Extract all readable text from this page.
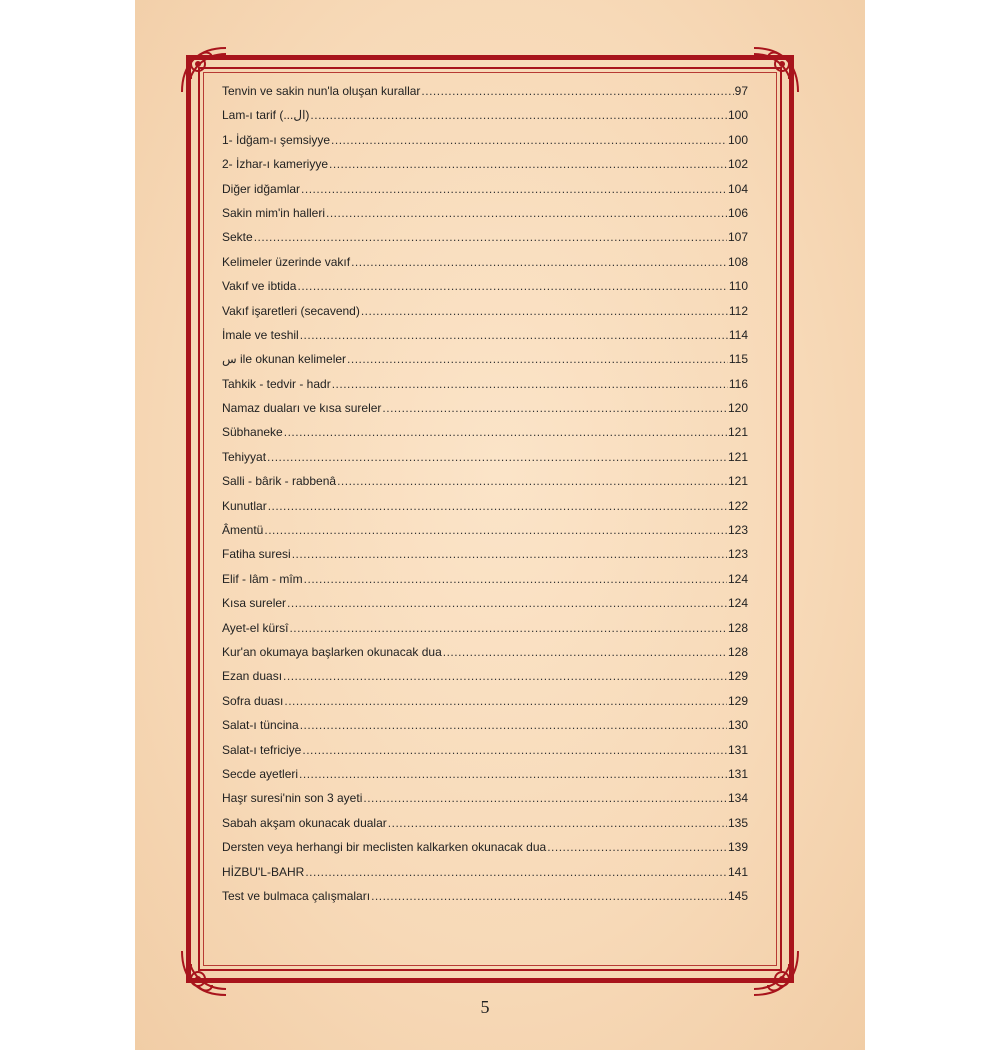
Tenvin ve sakin nun'la oluşan kurallar .....	97
Lam-ı tarif (...ال) .....	100
1- İdğam-ı şemsiyye .....	100
2- İzhar-ı kameriyye .....	102
Diğer idğamlar .....	104
Sakin mim'in halleri .....	106
Sekte .....	107
Kelimeler üzerinde vakıf .....	108
Vakıf ve ibtida .....	110
Vakıf işaretleri (secavend) .....	112
İmale ve teshil .....	114
س ile okunan kelimeler .....	115
Tahkik - tedvir - hadr .....	116
Namaz duaları ve kısa sureler .....	120
Sübhaneke .....	121
Tehiyyat .....	121
Salli - bârik - rabbenâ .....	121
Kunutlar .....	122
Âmentü .....	123
Fatiha suresi .....	123
Elif - lâm - mîm .....	124
Kısa sureler .....	124
Ayet-el kürsî .....	128
Kur'an okumaya başlarken okunacak dua .....	128
Ezan duası .....	129
Sofra duası .....	129
Salat-ı tüncina .....	130
Salat-ı tefriciye .....	131
Secde ayetleri .....	131
Haşr suresi'nin son 3 ayeti .....	134
Sabah akşam okunacak dualar .....	135
Dersten veya herhangi bir meclisten kalkarken okunacak dua .....	139
HİZBU'L-BAHR .....	141
Test ve bulmaca çalışmaları .....	145
5
